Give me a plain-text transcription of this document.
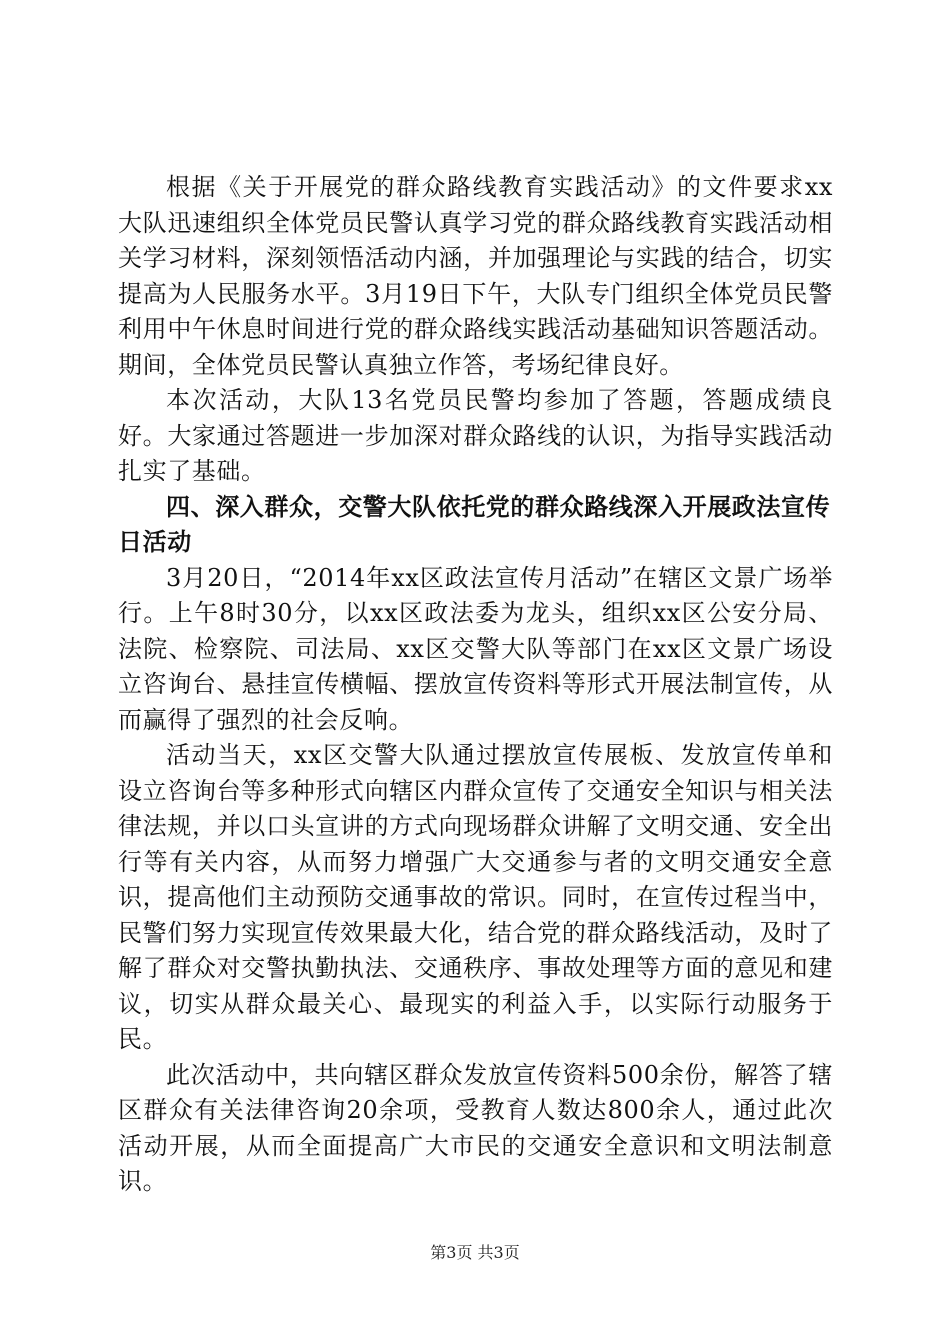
根据《关于开展党的群众路线教育实践活动》的文件要求xx大队迅速组织全体党员民警认真学习党的群众路线教育实践活动相关学习材料，深刻领悟活动内涵，并加强理论与实践的结合，切实提高为人民服务水平。3月19日下午，大队专门组织全体党员民警利用中午休息时间进行党的群众路线实践活动基础知识答题活动。期间，全体党员民警认真独立作答，考场纪律良好。

本次活动，大队13名党员民警均参加了答题，答题成绩良好。大家通过答题进一步加深对群众路线的认识，为指导实践活动扎实了基础。

四、深入群众，交警大队依托党的群众路线深入开展政法宣传日活动

3月20日，“2014年xx区政法宣传月活动”在辖区文景广场举行。上午8时30分，以xx区政法委为龙头，组织xx区公安分局、法院、检察院、司法局、xx区交警大队等部门在xx区文景广场设立咨询台、悬挂宣传横幅、摆放宣传资料等形式开展法制宣传，从而赢得了强烈的社会反响。

活动当天，xx区交警大队通过摆放宣传展板、发放宣传单和设立咨询台等多种形式向辖区内群众宣传了交通安全知识与相关法律法规，并以口头宣讲的方式向现场群众讲解了文明交通、安全出行等有关内容，从而努力增强广大交通参与者的文明交通安全意识，提高他们主动预防交通事故的常识。同时，在宣传过程当中，民警们努力实现宣传效果最大化，结合党的群众路线活动，及时了解了群众对交警执勤执法、交通秩序、事故处理等方面的意见和建议，切实从群众最关心、最现实的利益入手，以实际行动服务于民。

此次活动中，共向辖区群众发放宣传资料500余份，解答了辖区群众有关法律咨询20余项，受教育人数达800余人，通过此次活动开展，从而全面提高广大市民的交通安全意识和文明法制意识。

第3页 共3页
